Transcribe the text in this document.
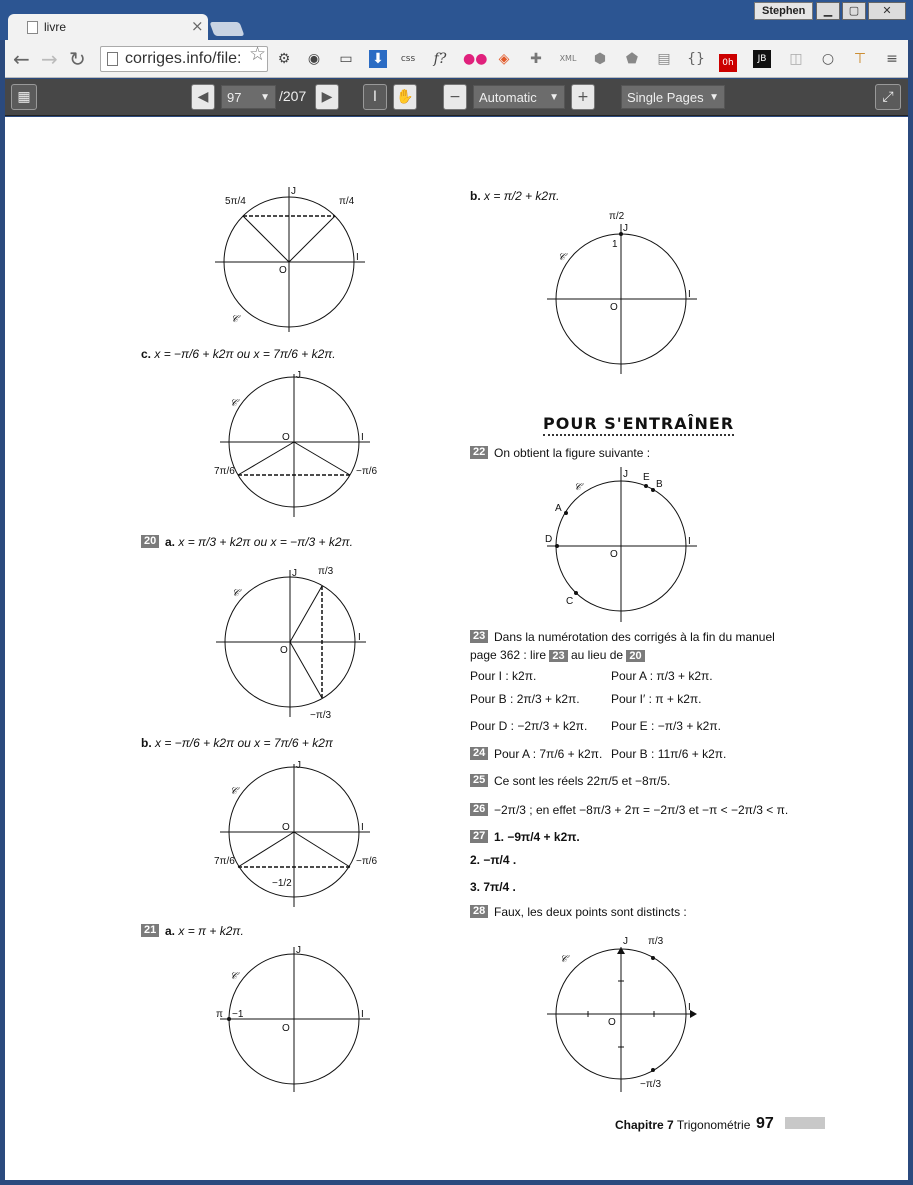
livre	×
Stephen	▁	▢	✕
← → ↻ corriges.info/file: ☆ ⚙ ◉ ▭ ⬇	css f? ●● ◈ ✚	XML ⬢ ⬟ ▤ {}	0h	JB	◫ ○ ⊤ ≡
▦	◀	97 ▼ /207	▶	I	✋	−	Automatic ▼	+	Single Pages ▼	⤢
J
I
O
𝒞
5π/4	π/4
c. x = −π/6 + k2π ou x = 7π/6 + k2π.
J
I
O
𝒞
7π/6	−π/6
20 a. x = π/3 + k2π ou x = −π/3 + k2π.
J
I
O
𝒞
π/3
−π/3
b. x = −π/6 + k2π ou x = 7π/6 + k2π
J
I
O
𝒞
7π/6	−π/6
−1/2
21 a. x = π + k2π.
J
I
O
𝒞
π −1
b. x = π/2 + k2π.
J
I
O
𝒞
π/2
1
POUR S'ENTRAÎNER
22 On obtient la figure suivante :
J
I
O
𝒞
A
B
C
D
E
23 Dans la numérotation des corrigés à la fin du manuel
page 362 : lire 23 au lieu de 20
Pour I : k2π.	Pour A : π/3 + k2π.
Pour B : 2π/3 + k2π.	Pour I′ : π + k2π.
Pour D : −2π/3 + k2π. Pour E : −π/3 + k2π.
24 Pour A : 7π/6 + k2π. Pour B : 11π/6 + k2π.
25 Ce sont les réels 22π/5 et −8π/5.
26 −2π/3 ; en effet −8π/3 + 2π = −2π/3 et −π < −2π/3 < π.
27 1. −9π/4 + k2π.
2. −π/4 .
3. 7π/4 .
28 Faux, les deux points sont distincts :
J
I
O
𝒞
π/3
−π/3
Chapitre 7 Trigonométrie 97
